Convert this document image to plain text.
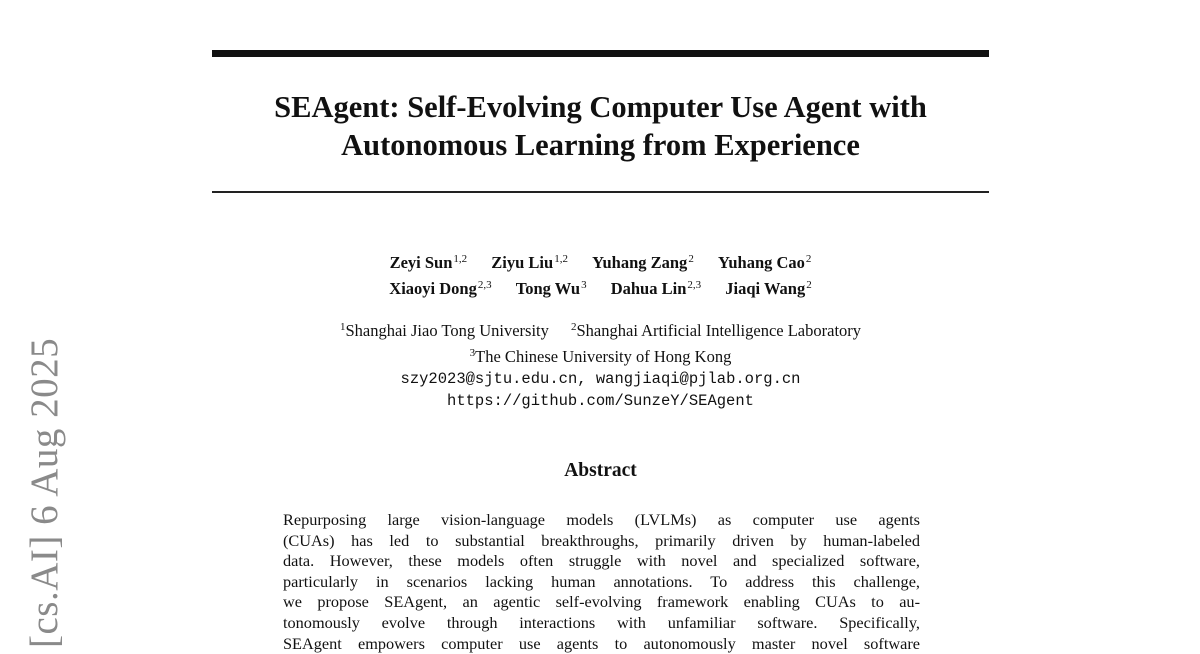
SEAgent: Self-Evolving Computer Use Agent with
Autonomous Learning from Experience
Zeyi Sun$^{1,2}$ Ziyu Liu$^{1,2}$ Yuhang Zang$^2$ Yuhang Cao$^2$
Xiaoyi Dong$^{2,3}$ Tong Wu$^3$ Dahua Lin$^{2,3}$ Jiaqi Wang$^2$
$^1$Shanghai Jiao Tong University $^2$Shanghai Artificial Intelligence Laboratory
$^3$The Chinese University of Hong Kong
szy2023@sjtu.edu.cn, wangjiaqi@pjlab.org.cn
https://github.com/SunzeY/SEAgent
Abstract
Repurposing large vision-language models (LVLMs) as computer use agents
(CUAs) has led to substantial breakthroughs, primarily driven by human-labeled
data. However, these models often struggle with novel and specialized software,
particularly in scenarios lacking human annotations. To address this challenge,
we propose SEAgent, an agentic self-evolving framework enabling CUAs to au-
tonomously evolve through interactions with unfamiliar software. Specifically,
SEAgent empowers computer use agents to autonomously master novel software
[cs.AI] 6 Aug 2025
